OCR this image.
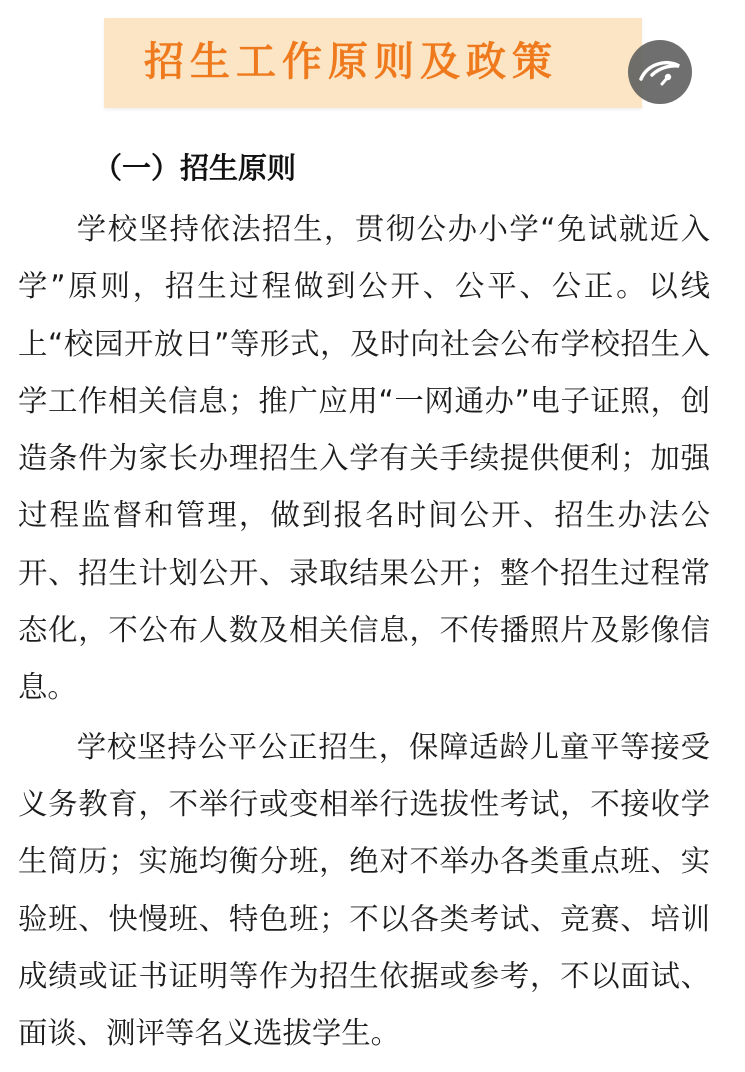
招生工作原则及政策
（一）招生原则

学校坚持依法招生，贯彻公办小学“免试就近入学”原则，招生过程做到公开、公平、公正。以线上“校园开放日”等形式，及时向社会公布学校招生入学工作相关信息；推广应用“一网通办”电子证照，创造条件为家长办理招生入学有关手续提供便利；加强过程监督和管理，做到报名时间公开、招生办法公开、招生计划公开、录取结果公开；整个招生过程常态化，不公布人数及相关信息，不传播照片及影像信息。

学校坚持公平公正招生，保障适龄儿童平等接受义务教育，不举行或变相举行选拔性考试，不接收学生简历；实施均衡分班，绝对不举办各类重点班、实验班、快慢班、特色班；不以各类考试、竞赛、培训成绩或证书证明等作为招生依据或参考，不以面试、面谈、测评等名义选拔学生。
